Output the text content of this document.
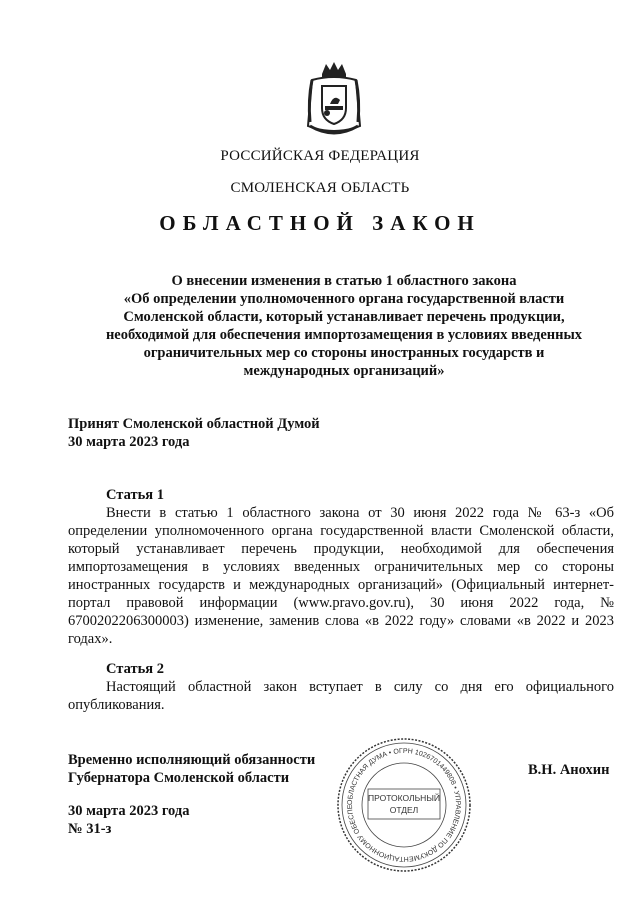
РОССИЙСКАЯ ФЕДЕРАЦИЯ
СМОЛЕНСКАЯ ОБЛАСТЬ
ОБЛАСТНОЙ ЗАКОН
О внесении изменения в статью 1 областного закона
«Об определении уполномоченного органа государственной власти
Смоленской области, который устанавливает перечень продукции,
необходимой для обеспечения импортозамещения в условиях введенных
ограничительных мер со стороны иностранных государств и
международных организаций»
Принят Смоленской областной Думой
30 марта 2023 года
Статья 1
Внести в статью 1 областного закона от 30 июня 2022 года № 63-з «Об определении уполномоченного органа государственной власти Смоленской области, который устанавливает перечень продукции, необходимой для обеспечения импортозамещения в условиях введенных ограничительных мер со стороны иностранных государств и международных организаций» (Официальный интернет-портал правовой информации (www.pravo.gov.ru), 30 июня 2022 года, № 6700202206300003) изменение, заменив слова «в 2022 году» словами «в 2022 и 2023 годах».
Статья 2
Настоящий областной закон вступает в силу со дня его официального опубликования.
Временно исполняющий обязанности
Губернатора Смоленской области	В.Н. Анохин
30 марта 2023 года
№ 31-з
ОБЛАСТНАЯ ДУМА • ОГРН 1026701449808 • УПРАВЛЕНИЕ ПО ДОКУМЕНТАЦИОННОМУ ОБЕСПЕ
ПРОТОКОЛЬНЫЙ
ОТДЕЛ
